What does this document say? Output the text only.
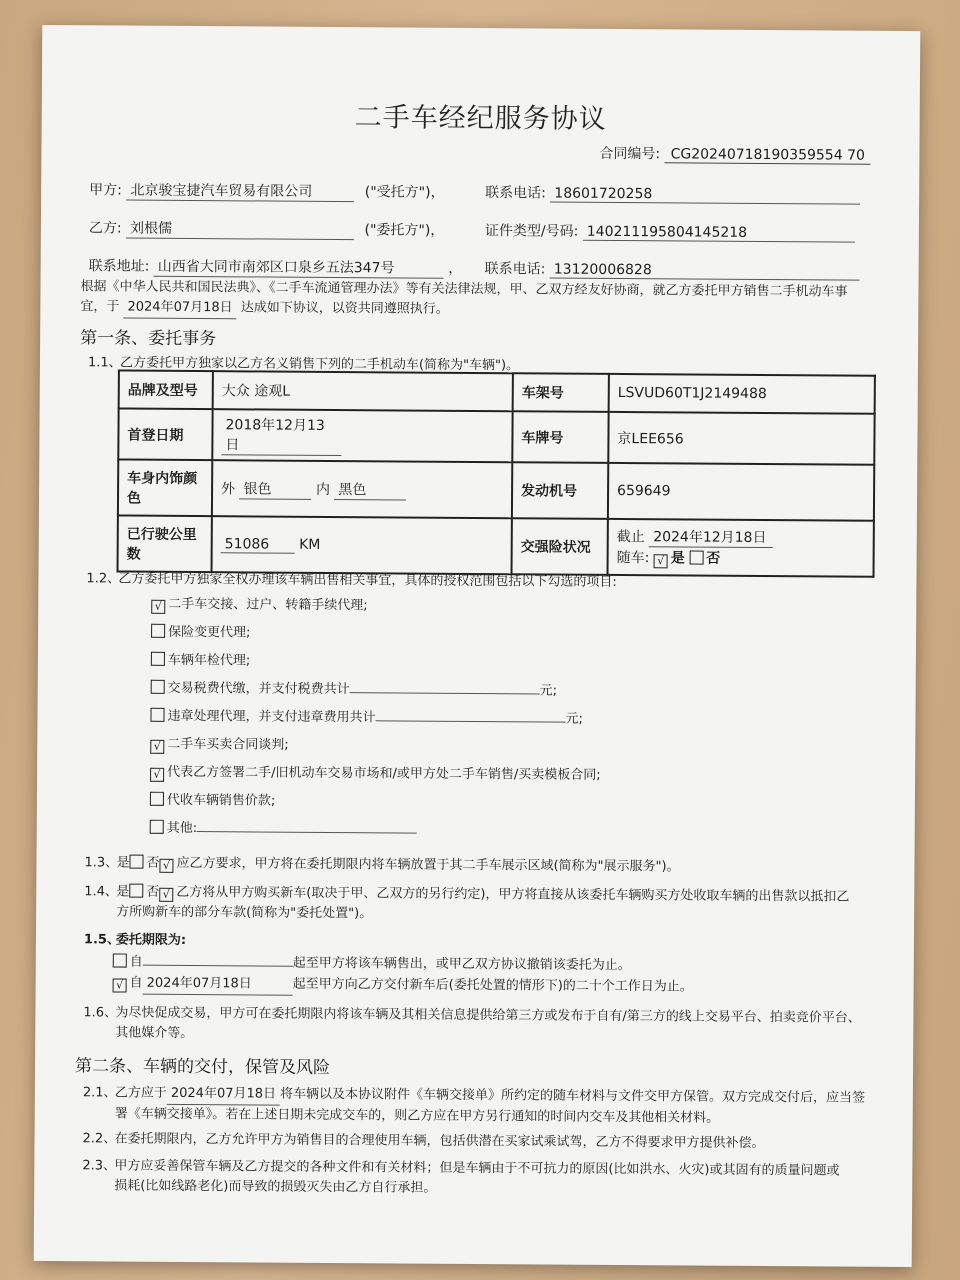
二手车经纪服务协议
合同编号: CG20240718190359554 70
甲方: 北京骏宝捷汽车贸易有限公司	("受托方")，	联系电话: 18601720258
乙方: 刘根儒	("委托方")，	证件类型/号码: 140211195804145218
联系地址: 山西省大同市南郊区口泉乡五法347号	， 联系电话: 13120006828
根据《中华人民共和国民法典》、《二手车流通管理办法》等有关法律法规，甲、乙双方经友好协商，就乙方委托甲方销售二手机动车事
宜，于 2024年07月18日 达成如下协议，以资共同遵照执行。
第一条、委托事务
1.1、乙方委托甲方独家以乙方名义销售下列的二手机动车(简称为"车辆")。
品牌及型号	大众 途观L	车架号	LSVUD60T1J2149488
首登日期	2018年12月13日	车牌号	京LEE656
车身内饰颜色	外 银色 内 黑色	发动机号	659649
已行驶公里数	51086 KM	交强险状况	截止 2024年12月18日
随车: √ 是 否
1.2、乙方委托甲方独家全权办理该车辆出售相关事宜，具体的授权范围包括以下勾选的项目:
√ 二手车交接、过户、转籍手续代理;
保险变更代理;
车辆年检代理;
交易税费代缴，并支付税费共计	元;
违章处理代理，并支付违章费用共计	元;
√ 二手车买卖合同谈判;
√ 代表乙方签署二手/旧机动车交易市场和/或甲方处二手车销售/买卖模板合同;
代收车辆销售价款;
其他:
1.3、是 否 √ 应乙方要求，甲方将在委托期限内将车辆放置于其二手车展示区域(简称为"展示服务")。
1.4、是 否 √ 乙方将从甲方购买新车(取决于甲、乙双方的另行约定)，甲方将直接从该委托车辆购买方处收取车辆的出售款以抵扣乙
方所购新车的部分车款(简称为"委托处置")。
1.5、委托期限为:
自	起至甲方将该车辆售出，或甲乙双方协议撤销该委托为止。
√ 自 2024年07月18日	起至甲方向乙方交付新车后(委托处置的情形下)的二十个工作日为止。
1.6、为尽快促成交易，甲方可在委托期限内将该车辆及其相关信息提供给第三方或发布于自有/第三方的线上交易平台、拍卖竞价平台、
其他媒介等。
第二条、车辆的交付，保管及风险
2.1、乙方应于 2024年07月18日 将车辆以及本协议附件《车辆交接单》所约定的随车材料与文件交甲方保管。双方完成交付后，应当签
署《车辆交接单》。若在上述日期未完成交车的，则乙方应在甲方另行通知的时间内交车及其他相关材料。
2.2、在委托期限内，乙方允许甲方为销售目的合理使用车辆，包括供潜在买家试乘试驾，乙方不得要求甲方提供补偿。
2.3、甲方应妥善保管车辆及乙方提交的各种文件和有关材料；但是车辆由于不可抗力的原因(比如洪水、火灾)或其固有的质量问题或
损耗(比如线路老化)而导致的损毁灭失由乙方自行承担。
